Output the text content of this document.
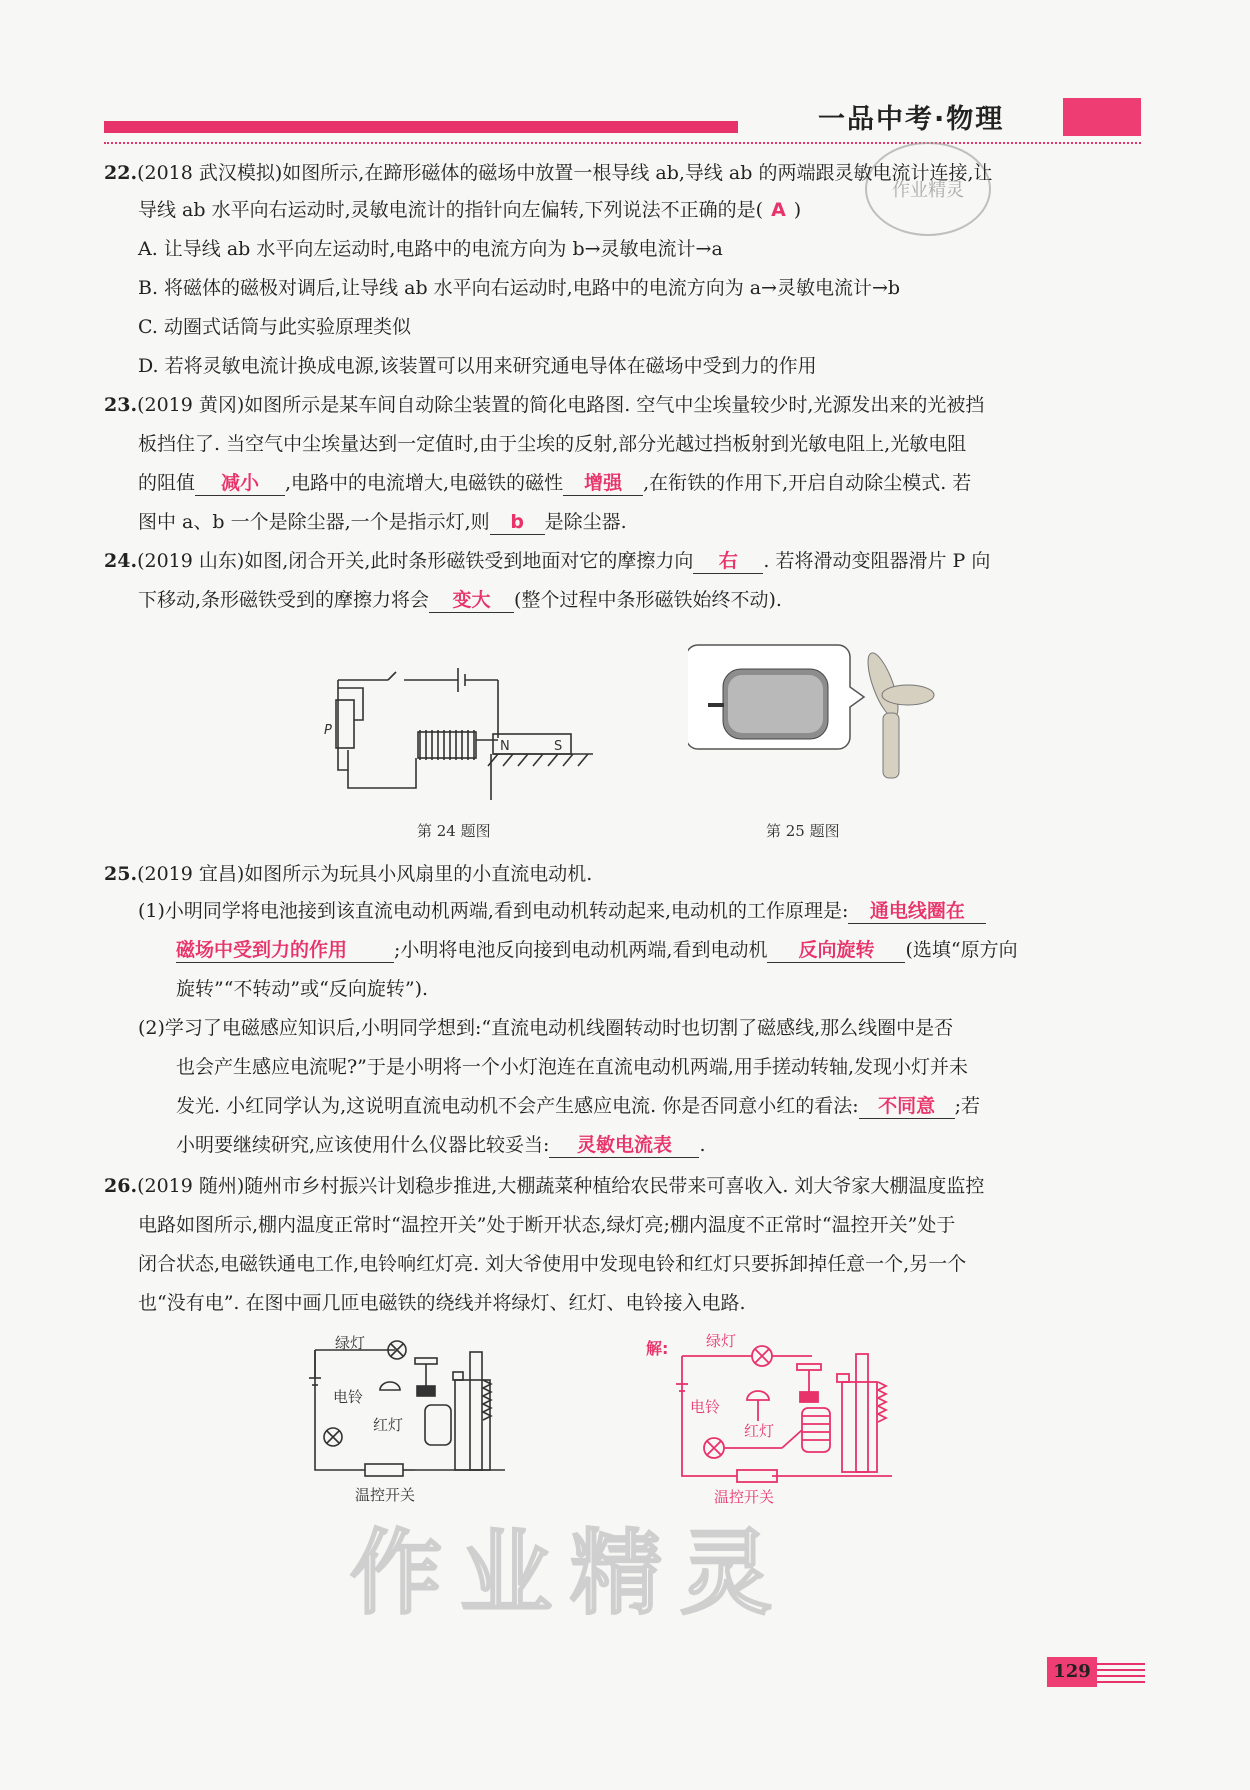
一品中考·物理
作业精灵
22.(2018 武汉模拟)如图所示,在蹄形磁体的磁场中放置一根导线 ab,导线 ab 的两端跟灵敏电流计连接,让
导线 ab 水平向右运动时,灵敏电流计的指针向左偏转,下列说法不正确的是( A )
A. 让导线 ab 水平向左运动时,电路中的电流方向为 b→灵敏电流计→a
B. 将磁体的磁极对调后,让导线 ab 水平向右运动时,电路中的电流方向为 a→灵敏电流计→b
C. 动圈式话筒与此实验原理类似
D. 若将灵敏电流计换成电源,该装置可以用来研究通电导体在磁场中受到力的作用
23.(2019 黄冈)如图所示是某车间自动除尘装置的简化电路图. 空气中尘埃量较少时,光源发出来的光被挡
板挡住了. 当空气中尘埃量达到一定值时,由于尘埃的反射,部分光越过挡板射到光敏电阻上,光敏电阻
的阻值 减小 ,电路中的电流增大,电磁铁的磁性 增强 ,在衔铁的作用下,开启自动除尘模式. 若
图中 a、b 一个是除尘器,一个是指示灯,则 b 是除尘器.
24.(2019 山东)如图,闭合开关,此时条形磁铁受到地面对它的摩擦力向 右 . 若将滑动变阻器滑片 P 向
下移动,条形磁铁受到的摩擦力将会 变大 (整个过程中条形磁铁始终不动).
P
N	S
第 24 题图	第 25 题图
25.(2019 宜昌)如图所示为玩具小风扇里的小直流电动机.
(1)小明同学将电池接到该直流电动机两端,看到电动机转动起来,电动机的工作原理是: 通电线圈在
磁场中受到力的作用 ;小明将电池反向接到电动机两端,看到电动机 反向旋转 (选填“原方向
旋转”“不转动”或“反向旋转”).
(2)学习了电磁感应知识后,小明同学想到:“直流电动机线圈转动时也切割了磁感线,那么线圈中是否
也会产生感应电流呢?”于是小明将一个小灯泡连在直流电动机两端,用手搓动转轴,发现小灯并未
发光. 小红同学认为,这说明直流电动机不会产生感应电流. 你是否同意小红的看法: 不同意 ;若
小明要继续研究,应该使用什么仪器比较妥当: 灵敏电流表 .
26.(2019 随州)随州市乡村振兴计划稳步推进,大棚蔬菜种植给农民带来可喜收入. 刘大爷家大棚温度监控
电路如图所示,棚内温度正常时“温控开关”处于断开状态,绿灯亮;棚内温度不正常时“温控开关”处于
闭合状态,电磁铁通电工作,电铃响红灯亮. 刘大爷使用中发现电铃和红灯只要拆卸掉任意一个,另一个
也“没有电”. 在图中画几匝电磁铁的绕线并将绿灯、红灯、电铃接入电路.
绿灯
电铃
红灯
温控开关
解:	绿灯
电铃
红灯
温控开关
作业精灵
129
